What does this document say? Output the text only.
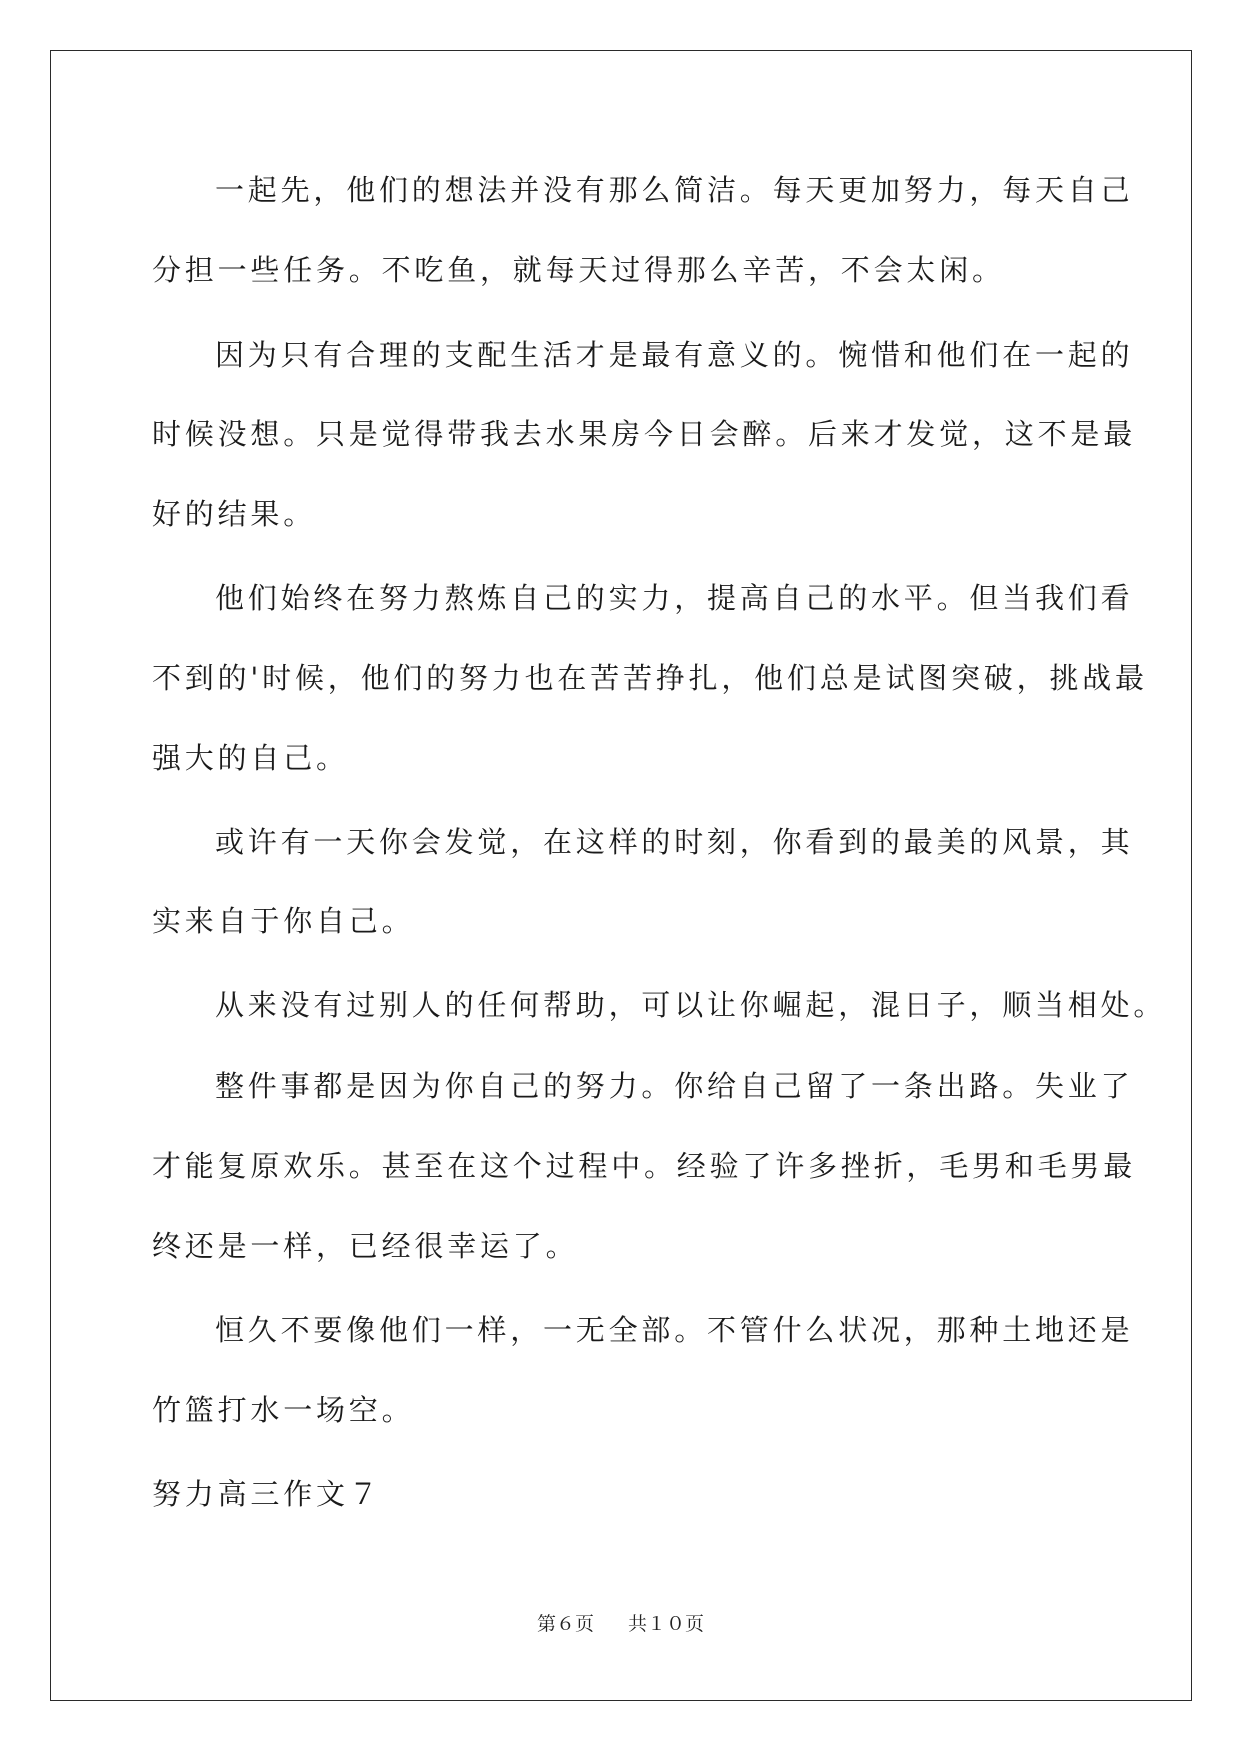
一起先，他们的想法并没有那么简洁。每天更加努力，每天自己

分担一些任务。不吃鱼，就每天过得那么辛苦，不会太闲。

因为只有合理的支配生活才是最有意义的。惋惜和他们在一起的

时候没想。只是觉得带我去水果房今日会醉。后来才发觉，这不是最

好的结果。

他们始终在努力熬炼自己的实力，提高自己的水平。但当我们看

不到的'时候，他们的努力也在苦苦挣扎，他们总是试图突破，挑战最

强大的自己。

或许有一天你会发觉，在这样的时刻，你看到的最美的风景，其

实来自于你自己。

从来没有过别人的任何帮助，可以让你崛起，混日子，顺当相处。

整件事都是因为你自己的努力。你给自己留了一条出路。失业了

才能复原欢乐。甚至在这个过程中。经验了许多挫折，毛男和毛男最

终还是一样，已经很幸运了。

恒久不要像他们一样，一无全部。不管什么状况，那种土地还是

竹篮打水一场空。

努力高三作文７

第６页 共１０页
